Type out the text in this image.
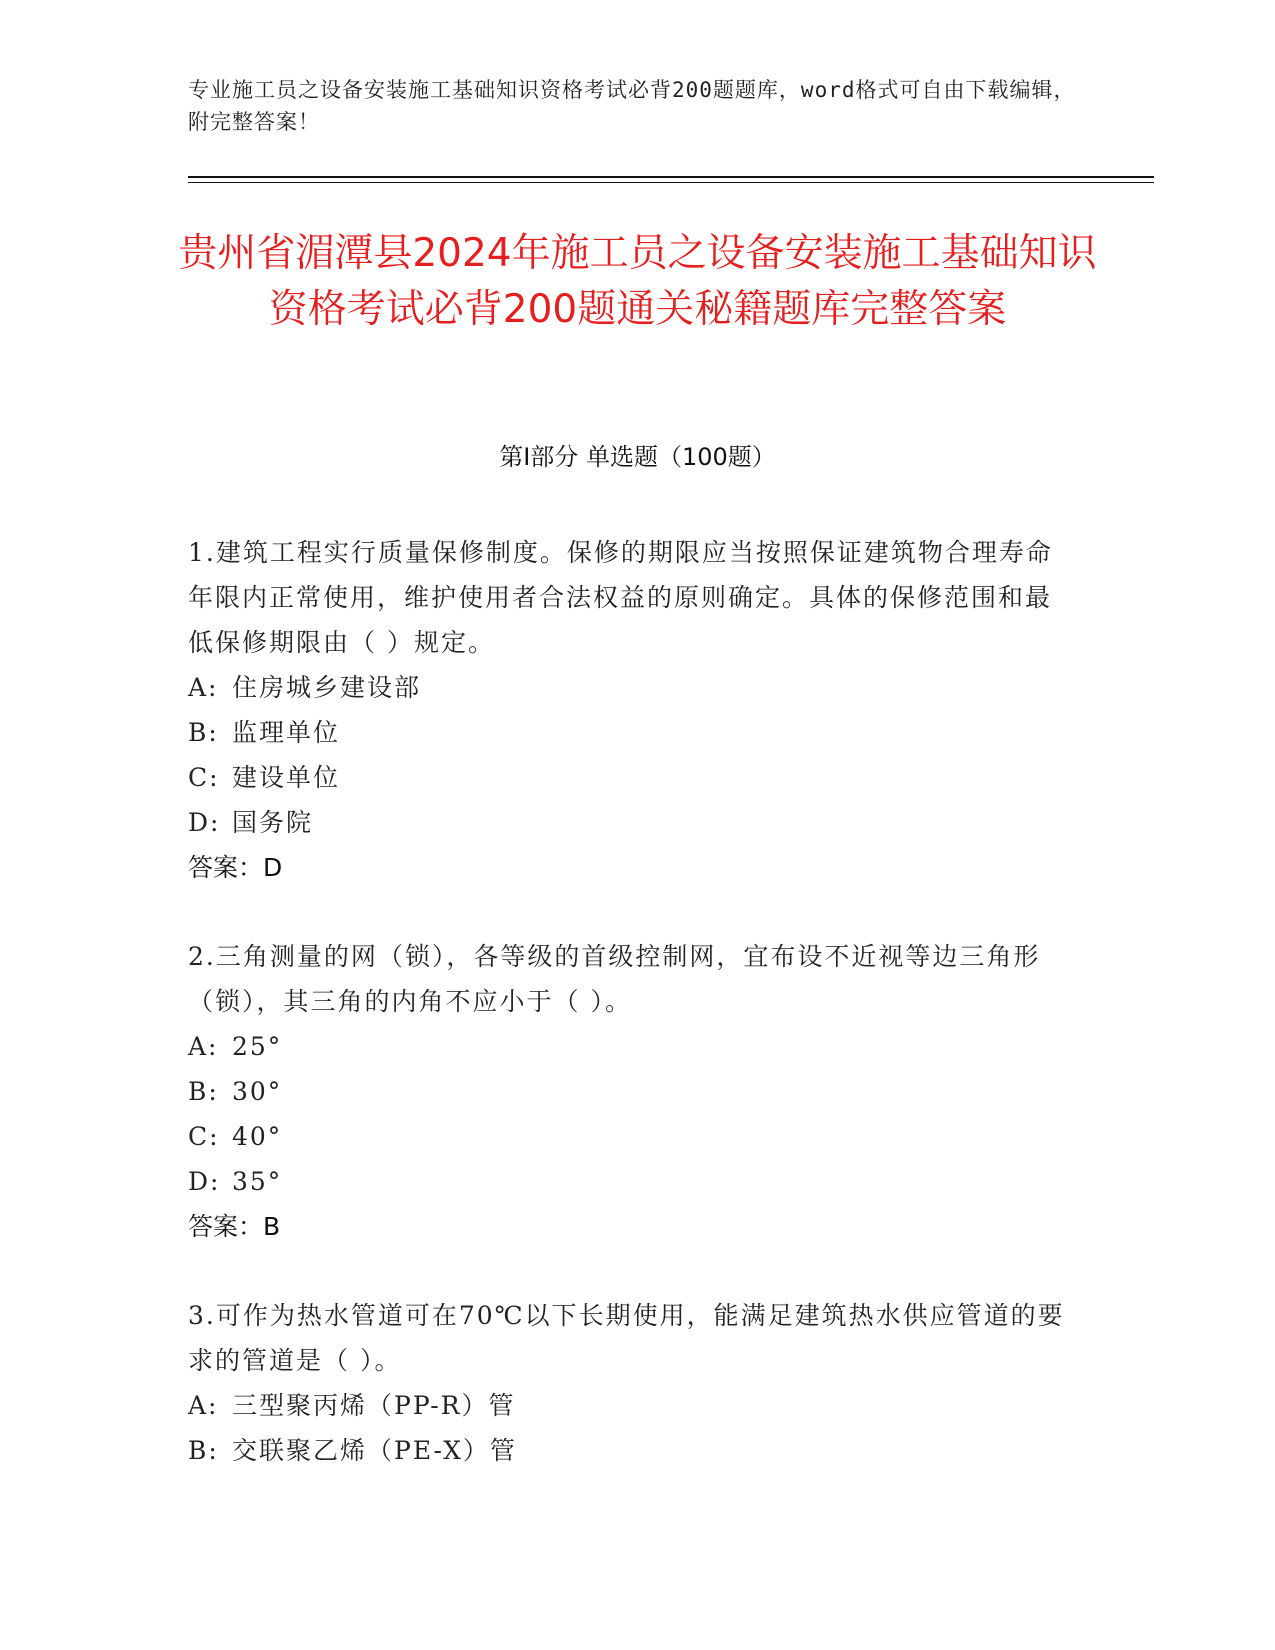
专业施工员之设备安装施工基础知识资格考试必背200题题库，word格式可自由下载编辑，附完整答案！
贵州省湄潭县2024年施工员之设备安装施工基础知识资格考试必背200题通关秘籍题库完整答案
第Ⅰ部分 单选题（100题）
1.建筑工程实行质量保修制度。保修的期限应当按照保证建筑物合理寿命年限内正常使用，维护使用者合法权益的原则确定。具体的保修范围和最低保修期限由（ ）规定。
A: 住房城乡建设部
B: 监理单位
C: 建设单位
D: 国务院
答案：D
2.三角测量的网（锁），各等级的首级控制网，宜布设不近视等边三角形（锁），其三角的内角不应小于（ ）。
A: 25°
B: 30°
C: 40°
D: 35°
答案：B
3.可作为热水管道可在70℃以下长期使用，能满足建筑热水供应管道的要求的管道是（ ）。
A: 三型聚丙烯（PP-R）管
B: 交联聚乙烯（PE-X）管
